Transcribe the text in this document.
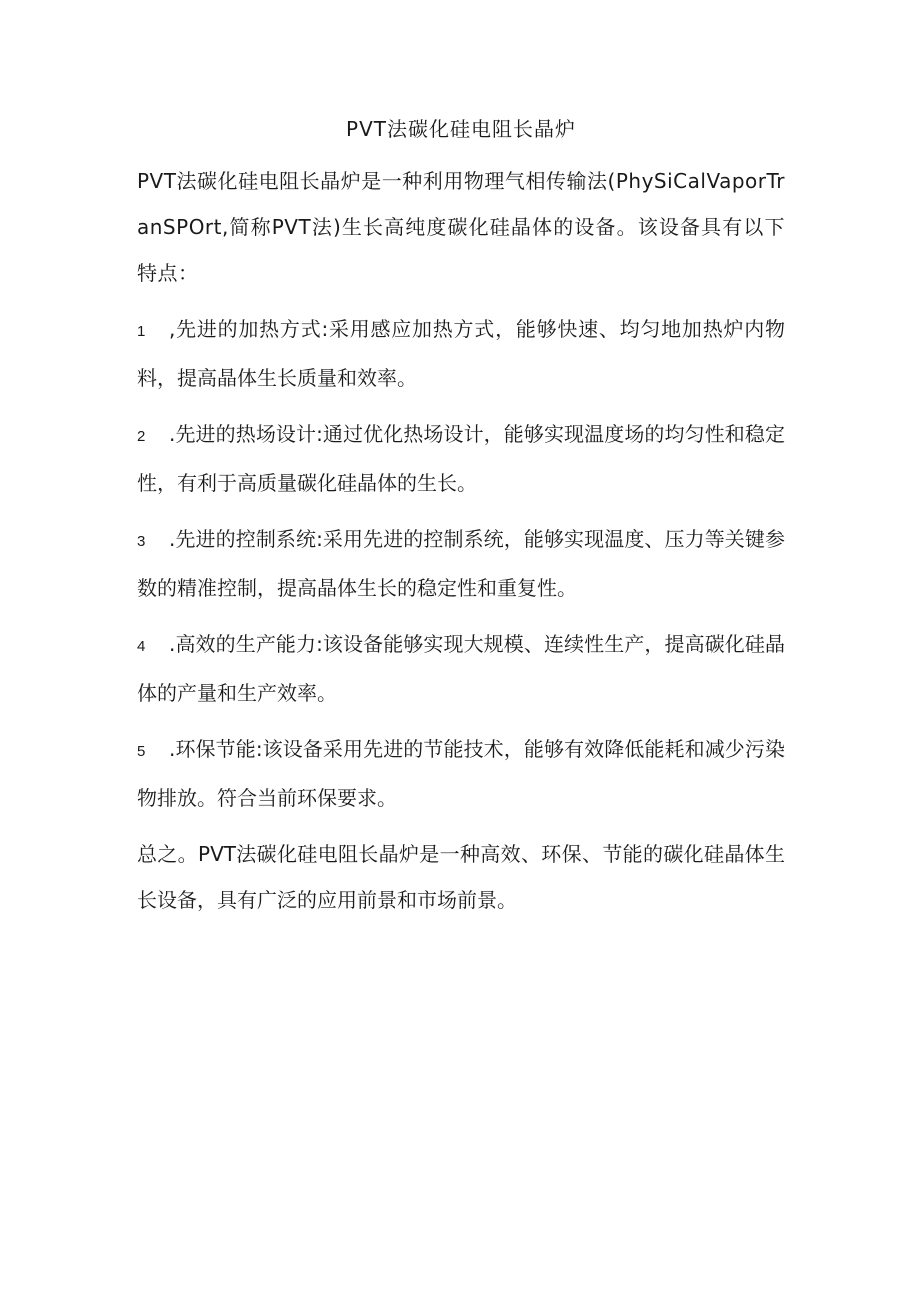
PVT法碳化硅电阻长晶炉
PVT法碳化硅电阻长晶炉是一种利用物理气相传输法(PhySiCalVaporTranSPOrt,简称PVT法)生长高纯度碳化硅晶体的设备。该设备具有以下特点：
1 ,先进的加热方式:采用感应加热方式，能够快速、均匀地加热炉内物料，提高晶体生长质量和效率。
2 .先进的热场设计:通过优化热场设计，能够实现温度场的均匀性和稳定性，有利于高质量碳化硅晶体的生长。
3 .先进的控制系统:采用先进的控制系统，能够实现温度、压力等关键参数的精准控制，提高晶体生长的稳定性和重复性。
4 .高效的生产能力:该设备能够实现大规模、连续性生产，提高碳化硅晶体的产量和生产效率。
5 .环保节能:该设备采用先进的节能技术，能够有效降低能耗和减少污染物排放。符合当前环保要求。
总之。PVT法碳化硅电阻长晶炉是一种高效、环保、节能的碳化硅晶体生长设备，具有广泛的应用前景和市场前景。
